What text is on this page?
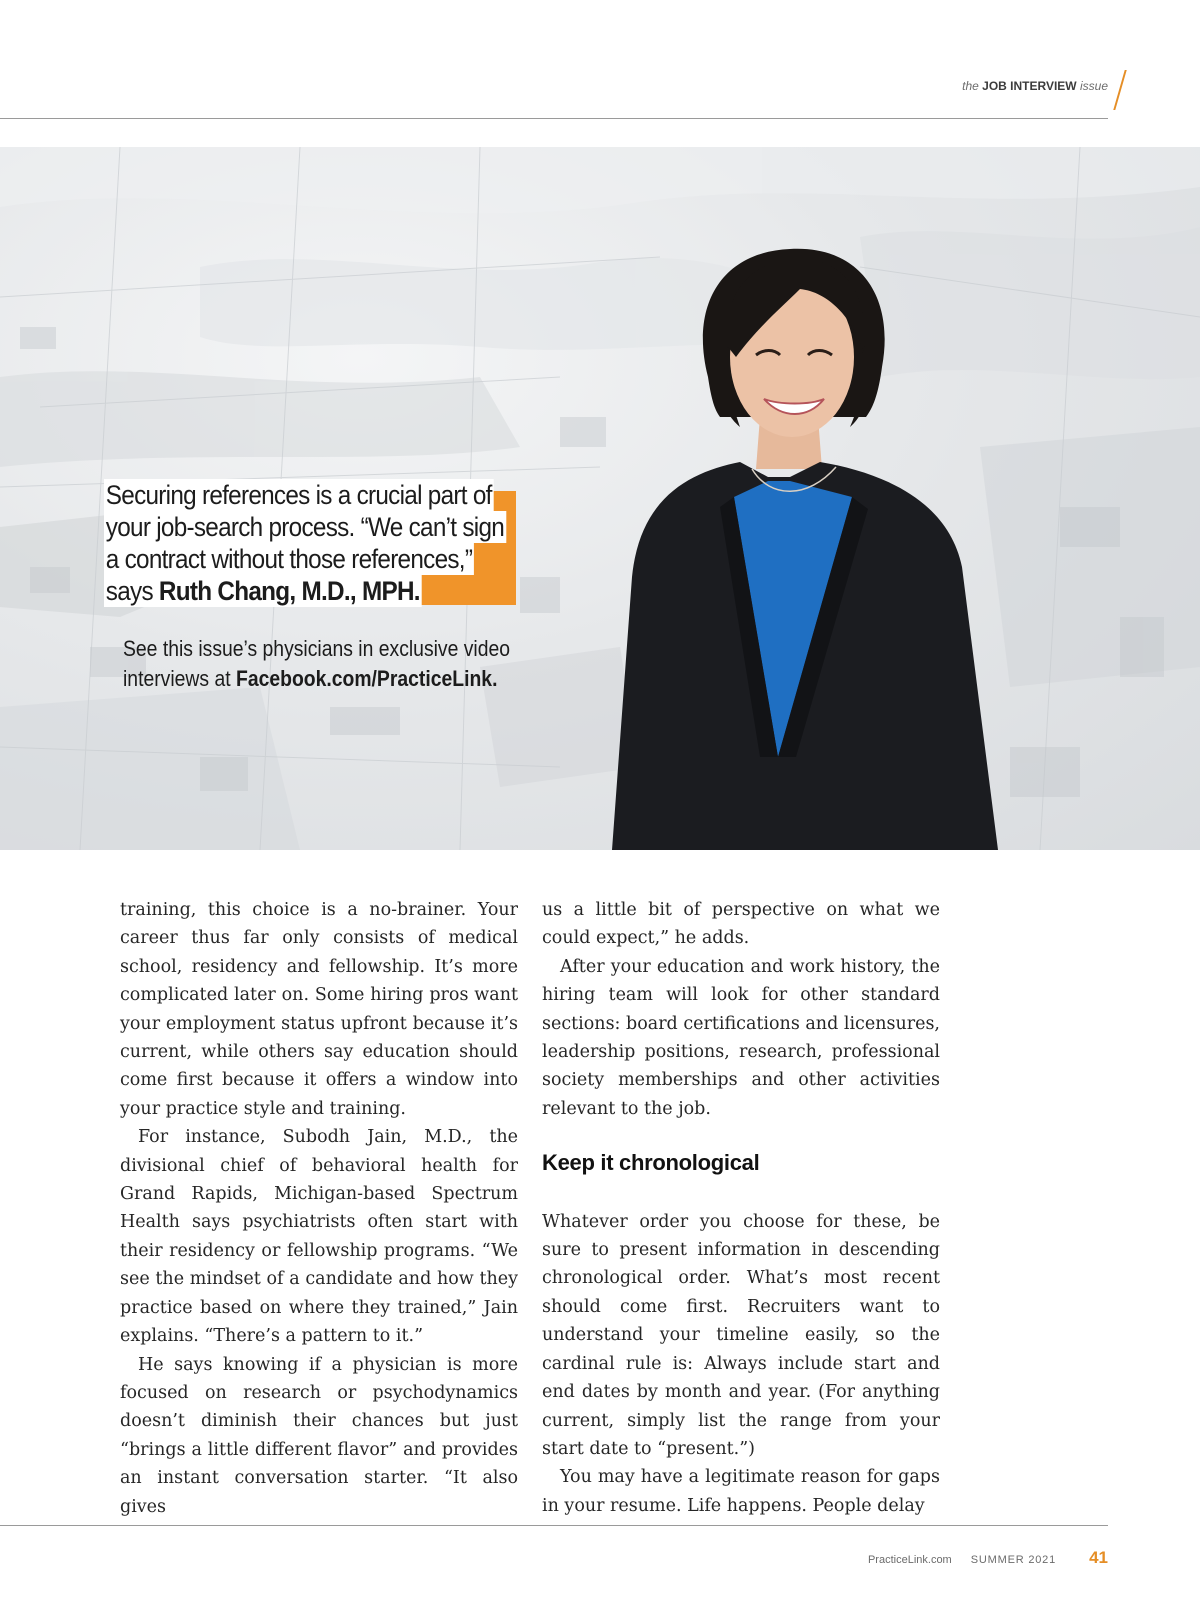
the JOB INTERVIEW issue
Securing references is a crucial part of
your job-search process. “We can’t sign
a contract without those references,”
says Ruth Chang, M.D., MPH.
See this issue’s physicians in exclusive video
interviews at Facebook.com/PracticeLink.

training, this choice is a no-brainer. Your career thus far only consists of medical school, residency and fellowship. It’s more complicated later on. Some hiring pros want your employment status upfront because it’s current, while others say education should come first because it offers a window into your practice style and training.

For instance, Subodh Jain, M.D., the divisional chief of behavioral health for Grand Rapids, Michigan-based Spectrum Health says psychiatrists often start with their residency or fellowship programs. “We see the mindset of a candidate and how they practice based on where they trained,” Jain explains. “There’s a pattern to it.”

He says knowing if a physician is more focused on research or psychodynamics doesn’t diminish their chances but just “brings a little different flavor” and provides an instant conversation starter. “It also gives

us a little bit of perspective on what we could expect,” he adds.

After your education and work history, the hiring team will look for other standard sections: board certifications and licensures, leadership positions, research, professional society memberships and other activities relevant to the job.

Keep it chronological

Whatever order you choose for these, be sure to present information in descending chronological order. What’s most recent should come first. Recruiters want to understand your timeline easily, so the cardinal rule is: Always include start and end dates by month and year. (For anything current, simply list the range from your start date to “present.”)

You may have a legitimate reason for gaps in your resume. Life happens. People delay

PracticeLink.com SUMMER 2021 41
